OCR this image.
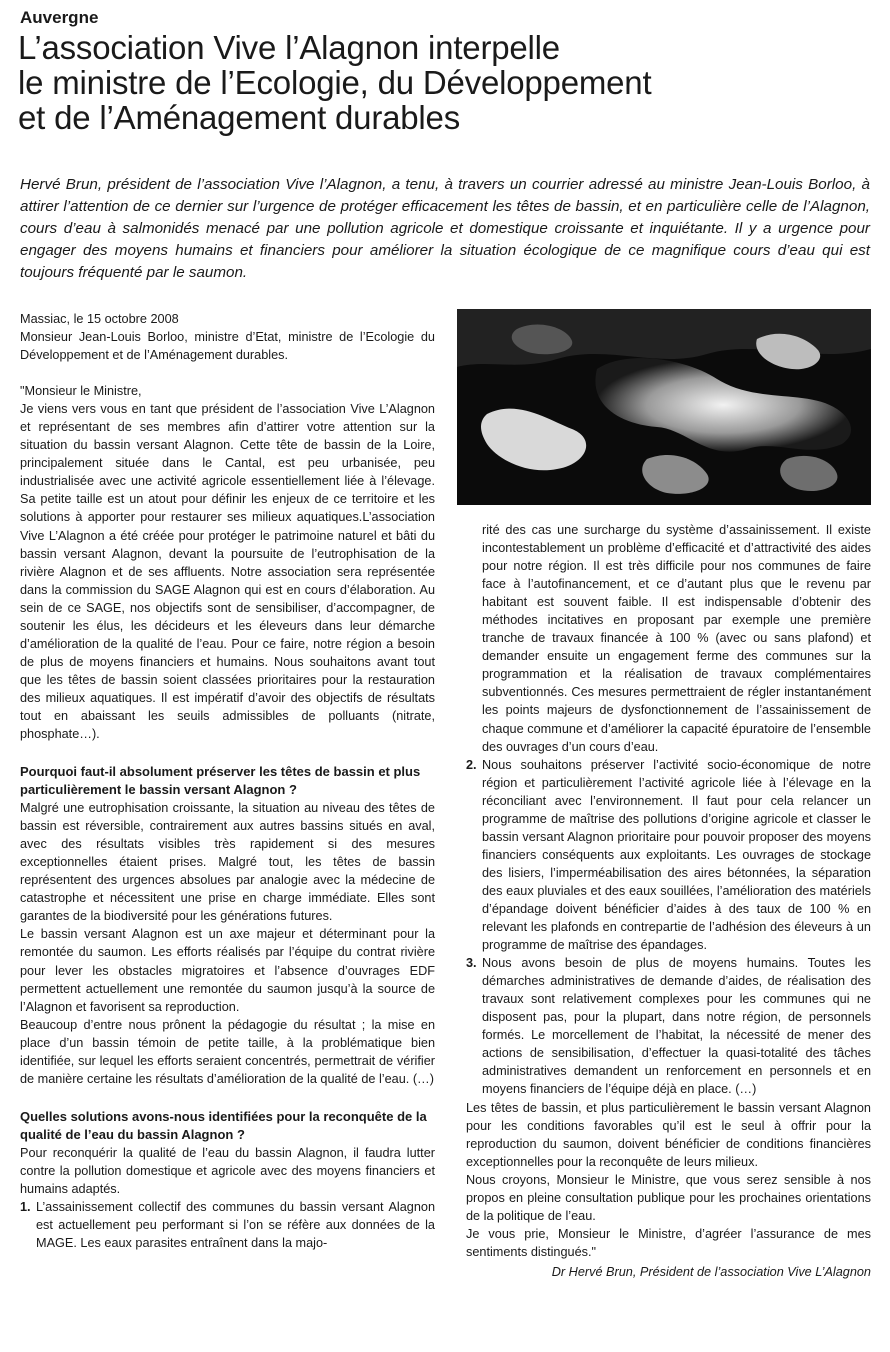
Auvergne
L’association Vive l’Alagnon interpelle
le ministre de l’Ecologie, du Développement
et de l’Aménagement durables

Hervé Brun, président de l’association Vive l’Alagnon, a tenu, à travers un courrier adressé au ministre Jean-Louis Borloo, à attirer l’attention de ce dernier sur l’urgence de protéger efficacement les têtes de bassin, et en particulière celle de l’Alagnon, cours d’eau à salmonidés menacé par une pollution agricole et domestique croissante et inquiétante. Il y a urgence pour engager des moyens humains et financiers pour améliorer la situation écologique de ce magnifique cours d’eau qui est toujours fréquenté par le saumon.

Massiac, le 15 octobre 2008

Monsieur Jean-Louis Borloo, ministre d’Etat, ministre de l’Ecologie du Développement et de l’Aménagement durables.

"Monsieur le Ministre,

Je viens vers vous en tant que président de l’association Vive L’Alagnon et représentant de ses membres afin d’attirer votre attention sur la situation du bassin versant Alagnon. Cette tête de bassin de la Loire, principalement située dans le Cantal, est peu urbanisée, peu industrialisée avec une activité agricole essentiellement liée à l’élevage. Sa petite taille est un atout pour définir les enjeux de ce territoire et les solutions à apporter pour restaurer ses milieux aquatiques.L’association Vive L’Alagnon a été créée pour protéger le patrimoine naturel et bâti du bassin versant Alagnon, devant la poursuite de l’eutrophisation de la rivière Alagnon et de ses affluents. Notre association sera représentée dans la commission du SAGE Alagnon qui est en cours d’élaboration. Au sein de ce SAGE, nos objectifs sont de sensibiliser, d’accompagner, de soutenir les élus, les décideurs et les éleveurs dans leur démarche d’amélioration de la qualité de l’eau. Pour ce faire, notre région a besoin de plus de moyens financiers et humains. Nous souhaitons avant tout que les têtes de bassin soient classées prioritaires pour la restauration des milieux aquatiques. Il est impératif d’avoir des objectifs de résultats tout en abaissant les seuils admissibles de polluants (nitrate, phosphate…).

Pourquoi faut-il absolument préserver les têtes de bassin et plus particulièrement le bassin versant Alagnon ?

Malgré une eutrophisation croissante, la situation au niveau des têtes de bassin est réversible, contrairement aux autres bassins situés en aval, avec des résultats visibles très rapidement si des mesures exceptionnelles étaient prises. Malgré tout, les têtes de bassin représentent des urgences absolues par analogie avec la médecine de catastrophe et nécessitent une prise en charge immédiate. Elles sont garantes de la biodiversité pour les générations futures.

Le bassin versant Alagnon est un axe majeur et déterminant pour la remontée du saumon. Les efforts réalisés par l’équipe du contrat rivière pour lever les obstacles migratoires et l’absence d’ouvrages EDF permettent actuellement une remontée du saumon jusqu’à la source de l’Alagnon et favorisent sa reproduction.

Beaucoup d’entre nous prônent la pédagogie du résultat ; la mise en place d’un bassin témoin de petite taille, à la problématique bien identifiée, sur lequel les efforts seraient concentrés, permettrait de vérifier de manière certaine les résultats d’amélioration de la qualité de l’eau. (…)

Quelles solutions avons-nous identifiées pour la reconquête de la qualité de l’eau du bassin Alagnon ?

Pour reconquérir la qualité de l’eau du bassin Alagnon, il faudra lutter contre la pollution domestique et agricole avec des moyens financiers et humains adaptés.

1. L’assainissement collectif des communes du bassin versant Alagnon est actuellement peu performant si l’on se réfère aux données de la MAGE. Les eaux parasites entraînent dans la majo-
rité des cas une surcharge du système d’assainissement. Il existe incontestablement un problème d’efficacité et d’attractivité des aides pour notre région. Il est très difficile pour nos communes de faire face à l’autofinancement, et ce d’autant plus que le revenu par habitant est souvent faible. Il est indispensable d’obtenir des méthodes incitatives en proposant par exemple une première tranche de travaux financée à 100 % (avec ou sans plafond) et demander ensuite un engagement ferme des communes sur la programmation et la réalisation de travaux complémentaires subventionnés. Ces mesures permettraient de régler instantanément les points majeurs de dysfonctionnement de l’assainissement de chaque commune et d’améliorer la capacité épuratoire de l’ensemble des ouvrages d’un cours d’eau.
2. Nous souhaitons préserver l’activité socio-économique de notre région et particulièrement l’activité agricole liée à l’élevage en la réconciliant avec l’environnement. Il faut pour cela relancer un programme de maîtrise des pollutions d’origine agricole et classer le bassin versant Alagnon prioritaire pour pouvoir proposer des moyens financiers conséquents aux exploitants. Les ouvrages de stockage des lisiers, l’imperméabilisation des aires bétonnées, la séparation des eaux pluviales et des eaux souillées, l’amélioration des matériels d’épandage doivent bénéficier d’aides à des taux de 100 % en relevant les plafonds en contrepartie de l’adhésion des éleveurs à un programme de maîtrise des épandages.
3. Nous avons besoin de plus de moyens humains. Toutes les démarches administratives de demande d’aides, de réalisation des travaux sont relativement complexes pour les communes qui ne disposent pas, pour la plupart, dans notre région, de personnels formés. Le morcellement de l’habitat, la nécessité de mener des actions de sensibilisation, d’effectuer la quasi-totalité des tâches administratives demandent un renforcement en personnels et en moyens financiers de l’équipe déjà en place. (…)

Les têtes de bassin, et plus particulièrement le bassin versant Alagnon pour les conditions favorables qu’il est le seul à offrir pour la reproduction du saumon, doivent bénéficier de conditions financières exceptionnelles pour la reconquête de leurs milieux.

Nous croyons, Monsieur le Ministre, que vous serez sensible à nos propos en pleine consultation publique pour les prochaines orientations de la politique de l’eau.

Je vous prie, Monsieur le Ministre, d’agréer l’assurance de mes sentiments distingués."

Dr Hervé Brun, Président de l’association Vive L’Alagnon
